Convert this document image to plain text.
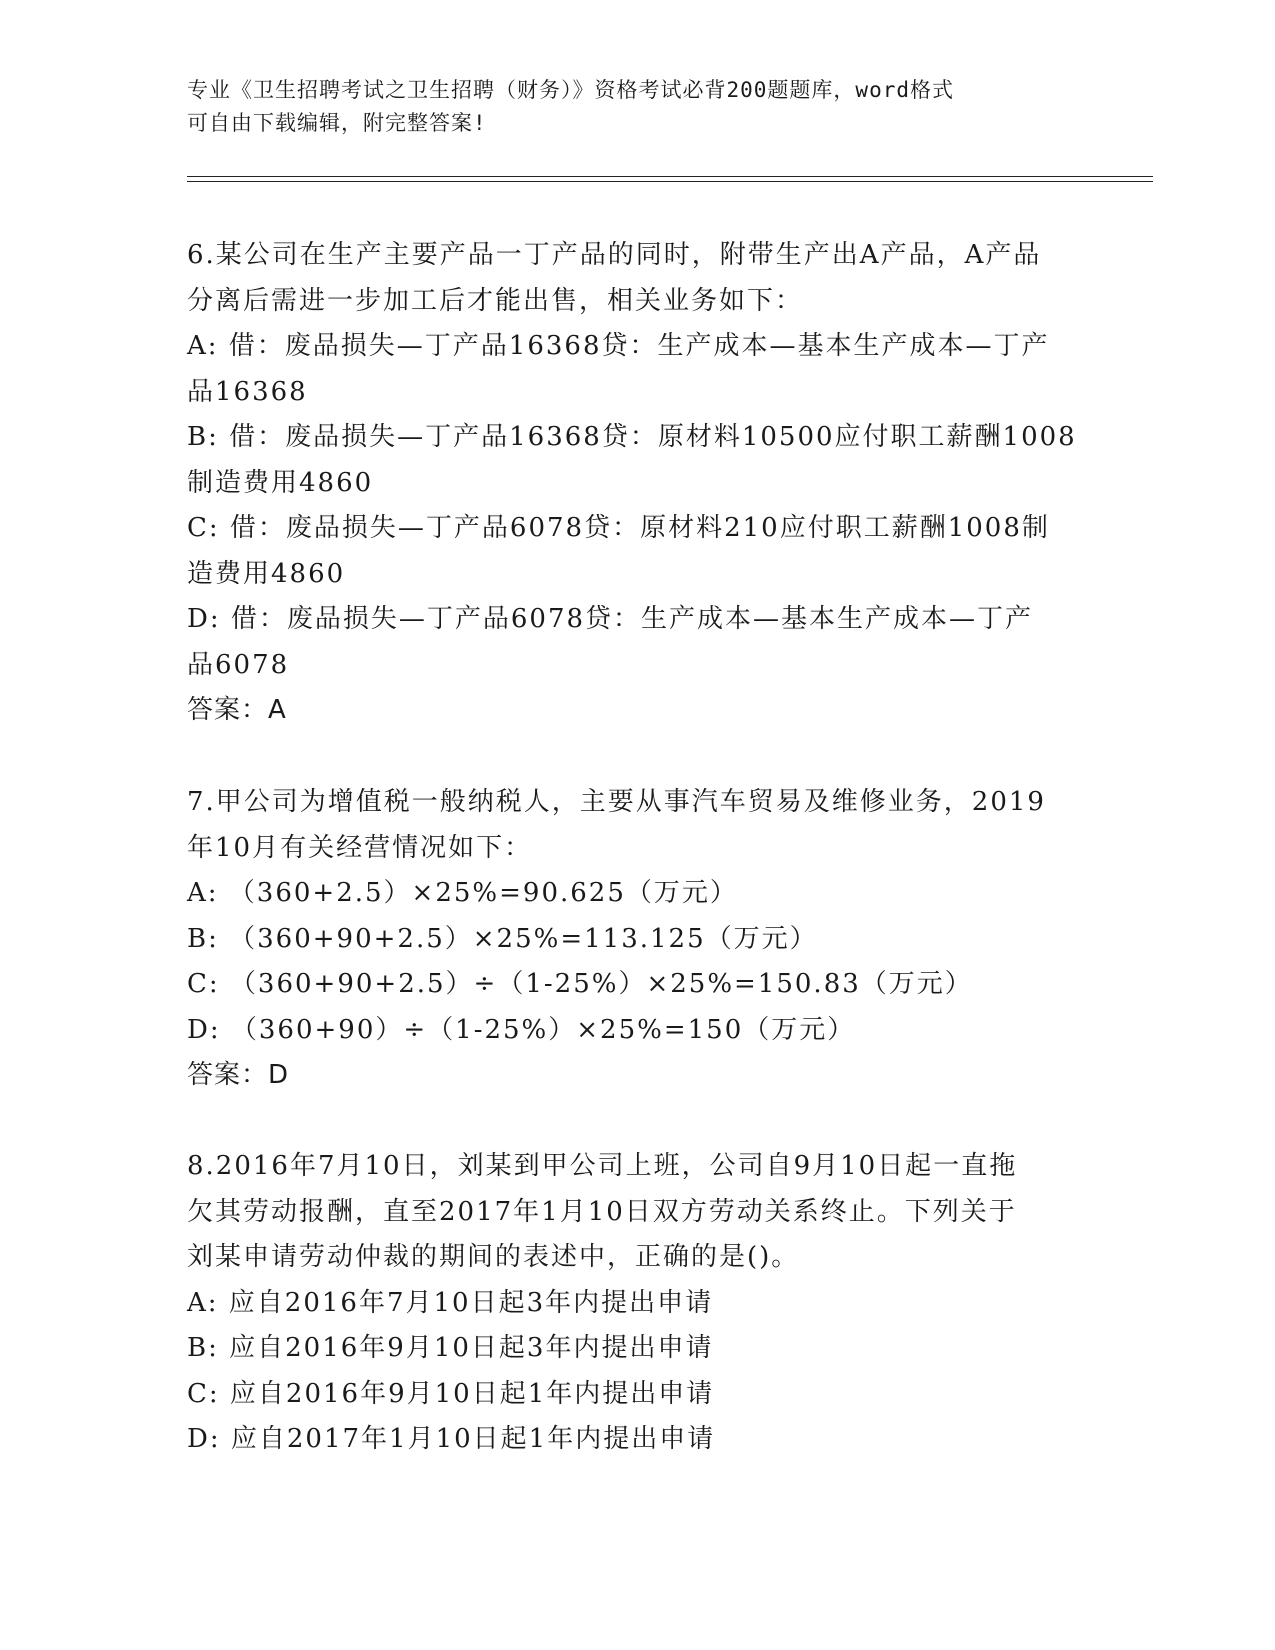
专业《卫生招聘考试之卫生招聘（财务）》资格考试必背200题题库，word格式
可自由下载编辑，附完整答案!

6.某公司在生产主要产品一丁产品的同时，附带生产出A产品，A产品

分离后需进一步加工后才能出售，相关业务如下：

A: 借：废品损失—丁产品16368贷：生产成本—基本生产成本—丁产

品16368

B: 借：废品损失—丁产品16368贷：原材料10500应付职工薪酬1008

制造费用4860

C: 借：废品损失—丁产品6078贷：原材料210应付职工薪酬1008制

造费用4860

D: 借：废品损失—丁产品6078贷：生产成本—基本生产成本—丁产

品6078

答案：A

7.甲公司为增值税一般纳税人，主要从事汽车贸易及维修业务，2019

年10月有关经营情况如下：

A: （360+2.5）×25%=90.625（万元）

B: （360+90+2.5）×25%=113.125（万元）

C: （360+90+2.5）÷（1-25%）×25%=150.83（万元）

D: （360+90）÷（1-25%）×25%=150（万元）

答案：D

8.2016年7月10日，刘某到甲公司上班，公司自9月10日起一直拖

欠其劳动报酬，直至2017年1月10日双方劳动关系终止。下列关于

刘某申请劳动仲裁的期间的表述中，正确的是()。

A: 应自2016年7月10日起3年内提出申请

B: 应自2016年9月10日起3年内提出申请

C: 应自2016年9月10日起1年内提出申请

D: 应自2017年1月10日起1年内提出申请
